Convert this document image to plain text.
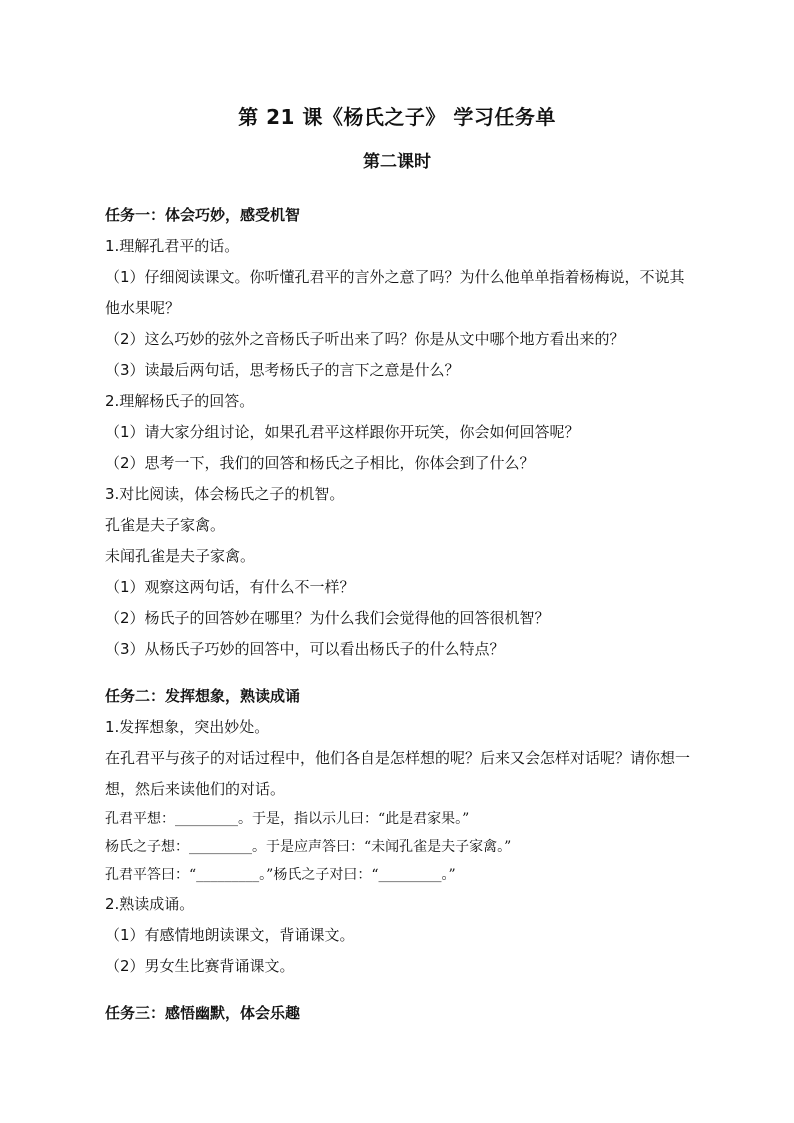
第 21 课《杨氏之子》 学习任务单
第二课时
任务一：体会巧妙，感受机智
1.理解孔君平的话。
（1）仔细阅读课文。你听懂孔君平的言外之意了吗？为什么他单单指着杨梅说，不说其
他水果呢？
（2）这么巧妙的弦外之音杨氏子听出来了吗？你是从文中哪个地方看出来的？
（3）读最后两句话，思考杨氏子的言下之意是什么？
2.理解杨氏子的回答。
（1）请大家分组讨论，如果孔君平这样跟你开玩笑，你会如何回答呢？
（2）思考一下，我们的回答和杨氏之子相比，你体会到了什么？
3.对比阅读，体会杨氏之子的机智。
孔雀是夫子家禽。
未闻孔雀是夫子家禽。
（1）观察这两句话，有什么不一样？
（2）杨氏子的回答妙在哪里？为什么我们会觉得他的回答很机智？
（3）从杨氏子巧妙的回答中，可以看出杨氏子的什么特点？
任务二：发挥想象，熟读成诵
1.发挥想象，突出妙处。
在孔君平与孩子的对话过程中，他们各自是怎样想的呢？后来又会怎样对话呢？请你想一
想，然后来读他们的对话。
孔君平想：_________。于是，指以示儿曰：“此是君家果。”
杨氏之子想：_________。于是应声答曰：“未闻孔雀是夫子家禽。”
孔君平答曰：“_________。”杨氏之子对曰：“_________。”
2.熟读成诵。
（1）有感情地朗读课文，背诵课文。
（2）男女生比赛背诵课文。
任务三：感悟幽默，体会乐趣
